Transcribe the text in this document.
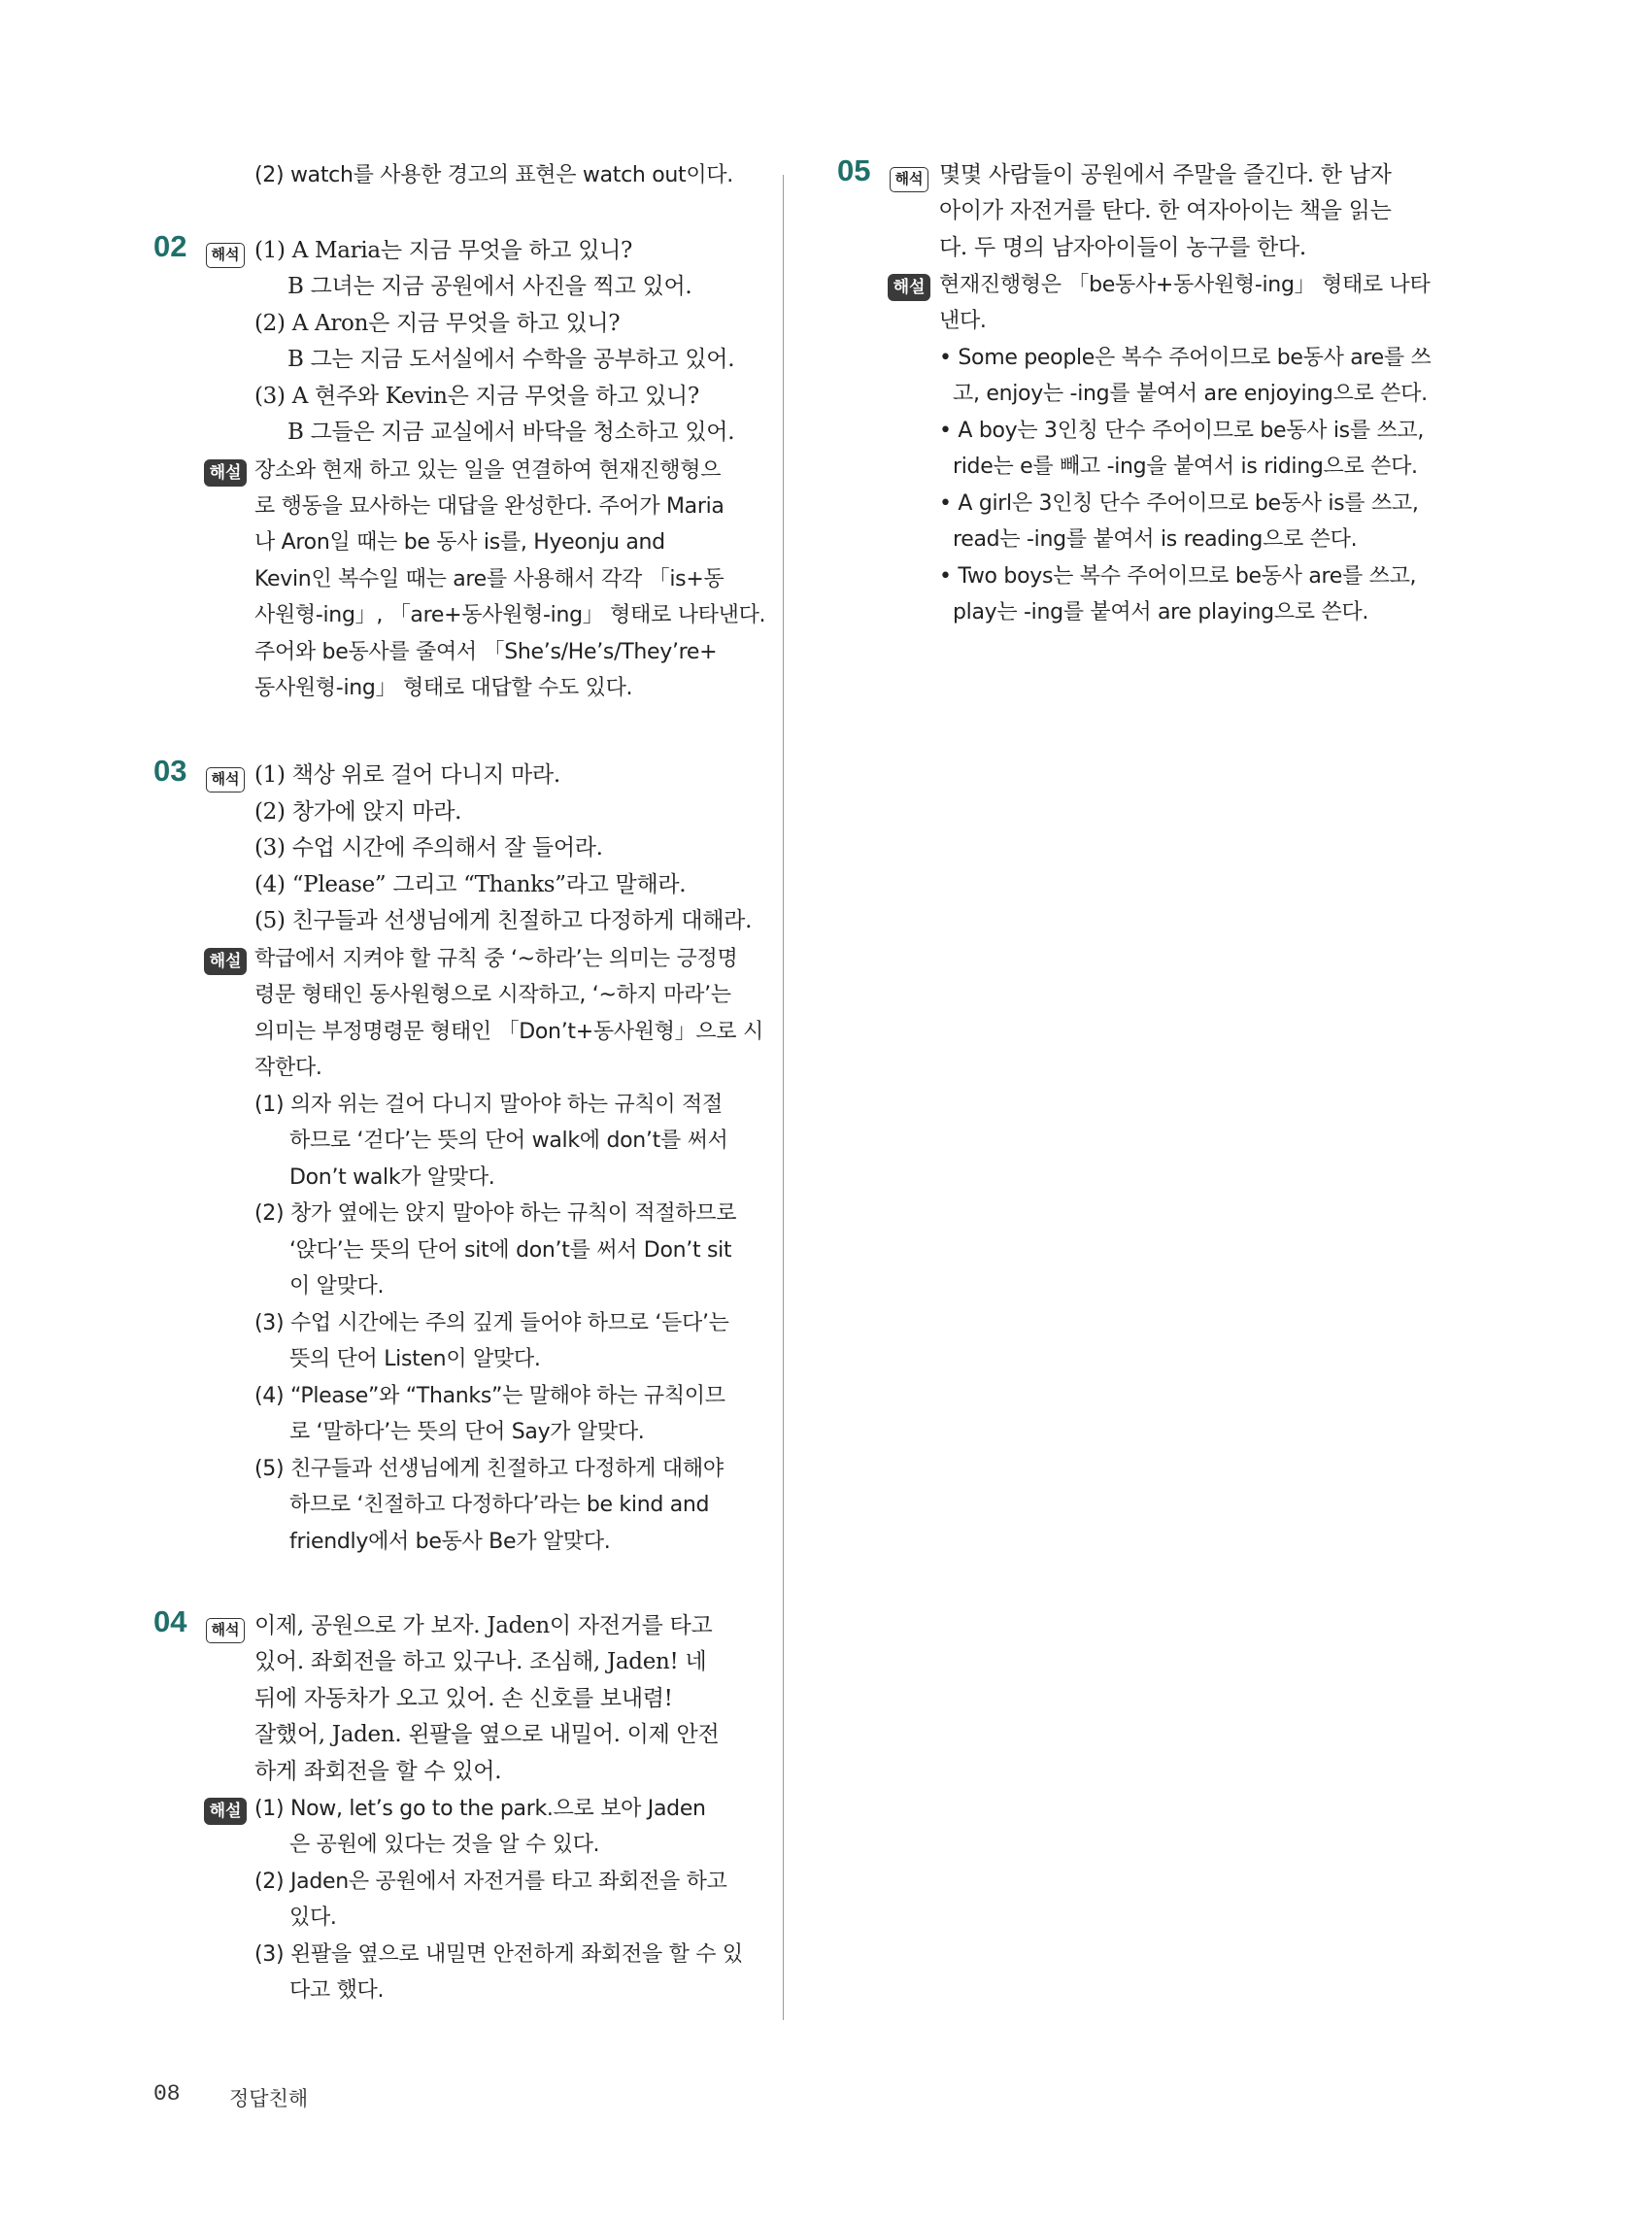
(2) watch를 사용한 경고의 표현은 watch out이다.
(1) A Maria는 지금 무엇을 하고 있니?
B 그녀는 지금 공원에서 사진을 찍고 있어.
(2) A Aron은 지금 무엇을 하고 있니?
B 그는 지금 도서실에서 수학을 공부하고 있어.
(3) A 현주와 Kevin은 지금 무엇을 하고 있니?
B 그들은 지금 교실에서 바닥을 청소하고 있어.
장소와 현재 하고 있는 일을 연결하여 현재진행형으
로 행동을 묘사하는 대답을 완성한다. 주어가 Maria
나 Aron일 때는 be 동사 is를, Hyeonju and
Kevin인 복수일 때는 are를 사용해서 각각 「is+동
사원형-ing」, 「are+동사원형-ing」 형태로 나타낸다.
주어와 be동사를 줄여서 「She’s/He’s/They’re+
동사원형-ing」 형태로 대답할 수도 있다.
(1) 책상 위로 걸어 다니지 마라.
(2) 창가에 앉지 마라.
(3) 수업 시간에 주의해서 잘 들어라.
(4) “Please” 그리고 “Thanks”라고 말해라.
(5) 친구들과 선생님에게 친절하고 다정하게 대해라.
학급에서 지켜야 할 규칙 중 ‘~하라’는 의미는 긍정명
령문 형태인 동사원형으로 시작하고, ‘~하지 마라’는
의미는 부정명령문 형태인 「Don’t+동사원형」으로 시
작한다.
(1) 의자 위는 걸어 다니지 말아야 하는 규칙이 적절
하므로 ‘걷다’는 뜻의 단어 walk에 don’t를 써서
Don’t walk가 알맞다.
(2) 창가 옆에는 앉지 말아야 하는 규칙이 적절하므로
‘앉다’는 뜻의 단어 sit에 don’t를 써서 Don’t sit
이 알맞다.
(3) 수업 시간에는 주의 깊게 들어야 하므로 ‘듣다’는
뜻의 단어 Listen이 알맞다.
(4) “Please”와 “Thanks”는 말해야 하는 규칙이므
로 ‘말하다’는 뜻의 단어 Say가 알맞다.
(5) 친구들과 선생님에게 친절하고 다정하게 대해야
하므로 ‘친절하고 다정하다’라는 be kind and
friendly에서 be동사 Be가 알맞다.
이제, 공원으로 가 보자. Jaden이 자전거를 타고
있어. 좌회전을 하고 있구나. 조심해, Jaden! 네
뒤에 자동차가 오고 있어. 손 신호를 보내렴!
잘했어, Jaden. 왼팔을 옆으로 내밀어. 이제 안전
하게 좌회전을 할 수 있어.
(1) Now, let’s go to the park.으로 보아 Jaden
은 공원에 있다는 것을 알 수 있다.
(2) Jaden은 공원에서 자전거를 타고 좌회전을 하고
있다.
(3) 왼팔을 옆으로 내밀면 안전하게 좌회전을 할 수 있
다고 했다.
몇몇 사람들이 공원에서 주말을 즐긴다. 한 남자
아이가 자전거를 탄다. 한 여자아이는 책을 읽는
다. 두 명의 남자아이들이 농구를 한다.
현재진행형은 「be동사+동사원형-ing」 형태로 나타
낸다.
• Some people은 복수 주어이므로 be동사 are를 쓰
고, enjoy는 -ing를 붙여서 are enjoying으로 쓴다.
• A boy는 3인칭 단수 주어이므로 be동사 is를 쓰고,
ride는 e를 빼고 -ing을 붙여서 is riding으로 쓴다.
• A girl은 3인칭 단수 주어이므로 be동사 is를 쓰고,
read는 -ing를 붙여서 is reading으로 쓴다.
• Two boys는 복수 주어이므로 be동사 are를 쓰고,
play는 -ing를 붙여서 are playing으로 쓴다.
02
03
04
05
해석
해석
해석
해석
해설
해설
해설
해설
08 정답친해
